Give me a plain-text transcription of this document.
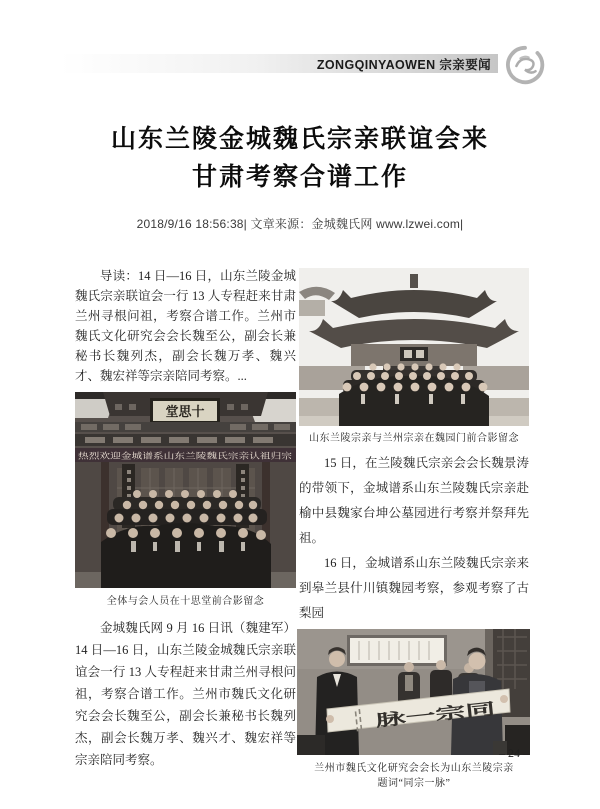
ZONGQINYAOWEN 宗亲要闻
山东兰陵金城魏氏宗亲联谊会来
甘肃考察合谱工作
2018/9/16 18:56:38| 文章来源：金城魏氏网 www.lzwei.com|

导读：14 日—16 日，山东兰陵金城魏氏宗亲联谊会一行 13 人专程赶来甘肃兰州寻根问祖，考察合谱工作。兰州市魏氏文化研究会会长魏至公，副会长兼秘书长魏列杰，副会长魏万孝、魏兴才、魏宏祥等宗亲陪同考察。...

堂思十
热烈欢迎金城谱系山东兰陵魏氏宗亲认祖归宗
全体与会人员在十思堂前合影留念

金城魏氏网 9 月 16 日讯（魏建军）14 日—16 日，山东兰陵金城魏氏宗亲联谊会一行 13 人专程赶来甘肃兰州寻根问祖，考察合谱工作。兰州市魏氏文化研究会会长魏至公，副会长兼秘书长魏列杰，副会长魏万孝、魏兴才、魏宏祥等宗亲陪同考察。

山东兰陵宗亲与兰州宗亲在魏园门前合影留念

15 日，在兰陵魏氏宗亲会会长魏景涛的带领下，金城谱系山东兰陵魏氏宗亲赴榆中县魏家台坤公墓园进行考察并祭拜先祖。

16 日，金城谱系山东兰陵魏氏宗亲来到皋兰县什川镇魏园考察，参观考察了古梨园

脉一宗同
兰州市魏氏文化研究会会长为山东兰陵宗亲
题词“同宗一脉”
– 24 –
